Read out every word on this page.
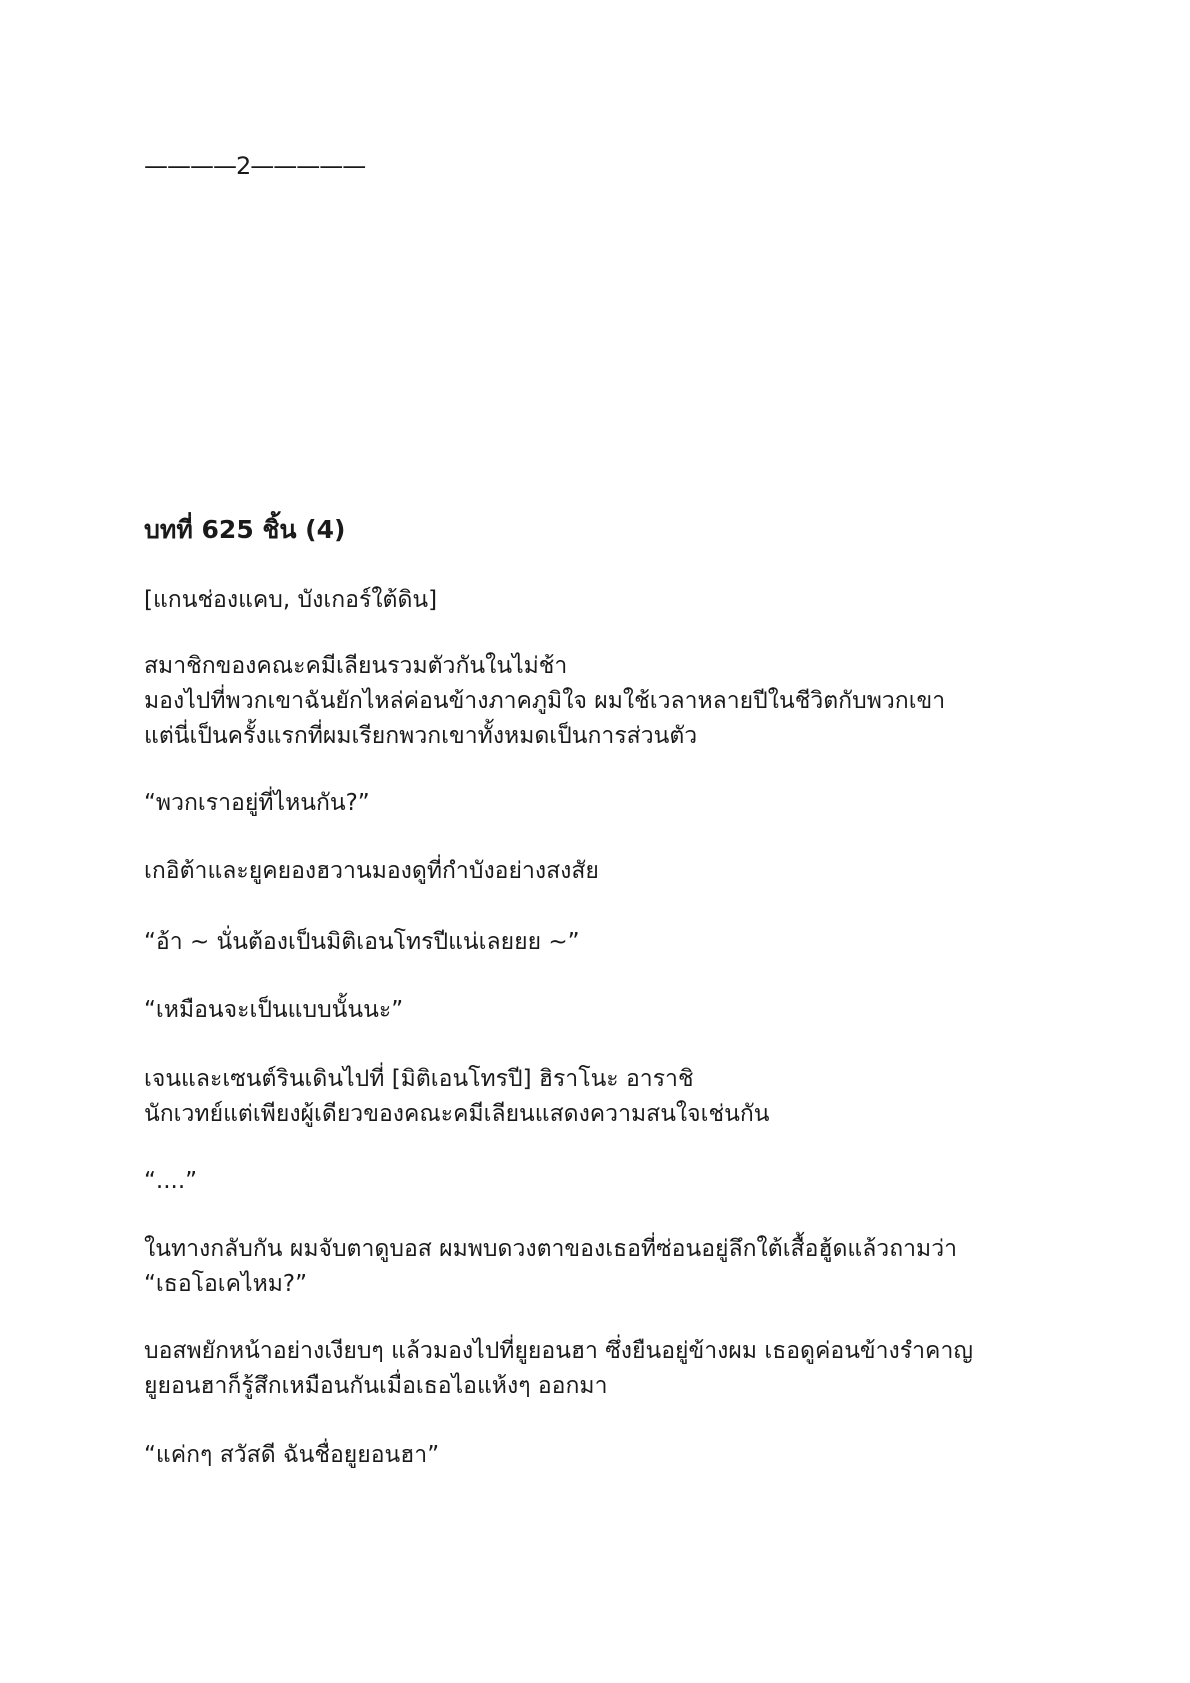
————2—————
บทที่ 625 ชิ้น (4)
[แกนช่องแคบ, บังเกอร์ใต้ดิน]
สมาชิกของคณะคมีเลียนรวมตัวกันในไม่ช้า
มองไปที่พวกเขาฉันยักไหล่ค่อนข้างภาคภูมิใจ ผมใช้เวลาหลายปีในชีวิตกับพวกเขา
แต่นี่เป็นครั้งแรกที่ผมเรียกพวกเขาทั้งหมดเป็นการส่วนตัว
“พวกเราอยู่ที่ไหนกัน?”
เกอิต้าและยูคยองฮวานมองดูที่กำบังอย่างสงสัย
“อ้า ~ นั่นต้องเป็นมิติเอนโทรปีแน่เลยยย ~”
“เหมือนจะเป็นแบบนั้นนะ”
เจนและเซนต์รินเดินไปที่ [มิติเอนโทรปี] ฮิราโนะ อาราชิ
นักเวทย์แต่เพียงผู้เดียวของคณะคมีเลียนแสดงความสนใจเช่นกัน
“....”
ในทางกลับกัน ผมจับตาดูบอส ผมพบดวงตาของเธอที่ซ่อนอยู่ลึกใต้เสื้อฮู้ดแล้วถามว่า
“เธอโอเคไหม?”
บอสพยักหน้าอย่างเงียบๆ แล้วมองไปที่ยูยอนฮา ซึ่งยืนอยู่ข้างผม เธอดูค่อนข้างรำคาญ
ยูยอนฮาก็รู้สึกเหมือนกันเมื่อเธอไอแห้งๆ ออกมา
“แค่กๆ สวัสดี ฉันชื่อยูยอนฮา”
